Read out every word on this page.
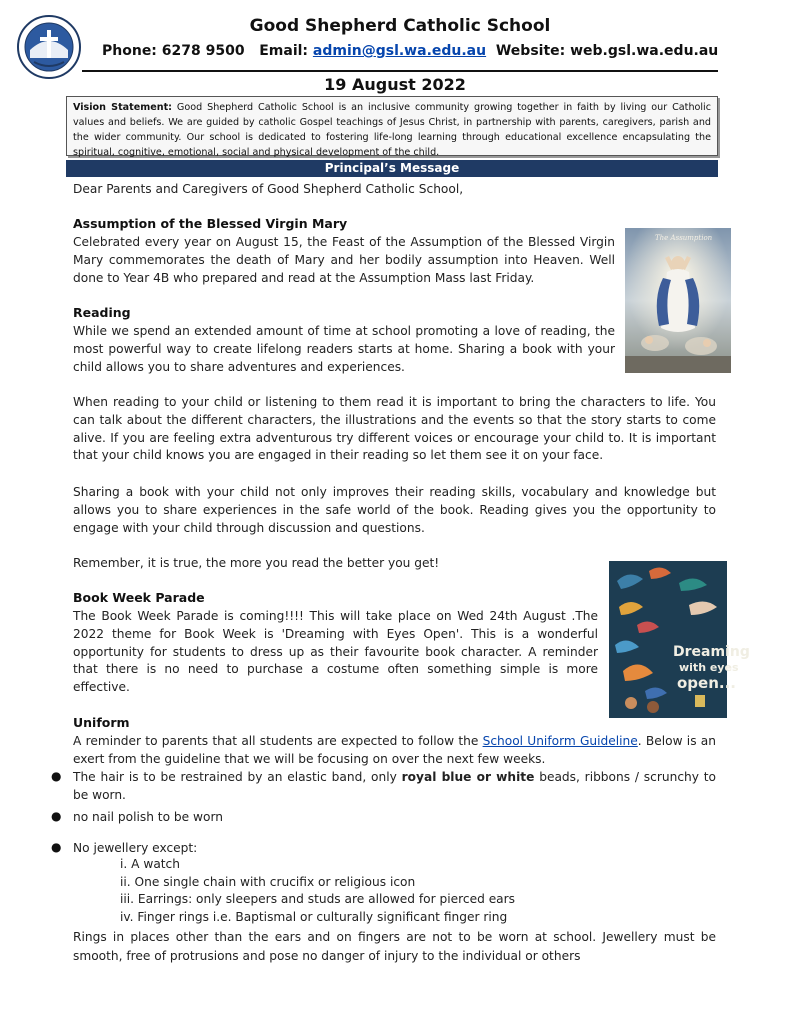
Good Shepherd Catholic School
Phone: 6278 9500 Email: admin@gsl.wa.edu.au Website: web.gsl.wa.edu.au
19 August 2022
Vision Statement: Good Shepherd Catholic School is an inclusive community growing together in faith by living our Catholic values and beliefs. We are guided by catholic Gospel teachings of Jesus Christ, in partnership with parents, caregivers, parish and the wider community. Our school is dedicated to fostering life-long learning through educational excellence encapsulating the spiritual, cognitive, emotional, social and physical development of the child.
Principal’s Message
Dear Parents and Caregivers of Good Shepherd Catholic School,
Assumption of the Blessed Virgin Mary
Celebrated every year on August 15, the Feast of the Assumption of the Blessed Virgin Mary commemorates the death of Mary and her bodily assumption into Heaven. Well done to Year 4B who prepared and read at the Assumption Mass last Friday.
The Assumption
Reading
While we spend an extended amount of time at school promoting a love of reading, the most powerful way to create lifelong readers starts at home. Sharing a book with your child allows you to share adventures and experiences.
When reading to your child or listening to them read it is important to bring the characters to life. You can talk about the different characters, the illustrations and the events so that the story starts to come alive. If you are feeling extra adventurous try different voices or encourage your child to. It is important that your child knows you are engaged in their reading so let them see it on your face.
Sharing a book with your child not only improves their reading skills, vocabulary and knowledge but allows you to share experiences in the safe world of the book. Reading gives you the opportunity to engage with your child through discussion and questions.
Remember, it is true, the more you read the better you get!
Book Week Parade
The Book Week Parade is coming!!!! This will take place on Wed 24th August .The 2022 theme for Book Week is 'Dreaming with Eyes Open'. This is a wonderful opportunity for students to dress up as their favourite book character. A reminder that there is no need to purchase a costume often something simple is more effective.
Dreaming
with eyes
open...
Uniform
A reminder to parents that all students are expected to follow the School Uniform Guideline. Below is an exert from the guideline that we will be focusing on over the next few weeks.
● The hair is to be restrained by an elastic band, only royal blue or white beads, ribbons / scrunchy to be worn.
● no nail polish to be worn
● No jewellery except:
i. A watch
ii. One single chain with crucifix or religious icon
iii. Earrings: only sleepers and studs are allowed for pierced ears
iv. Finger rings i.e. Baptismal or culturally significant finger ring
Rings in places other than the ears and on fingers are not to be worn at school. Jewellery must be smooth, free of protrusions and pose no danger of injury to the individual or others
